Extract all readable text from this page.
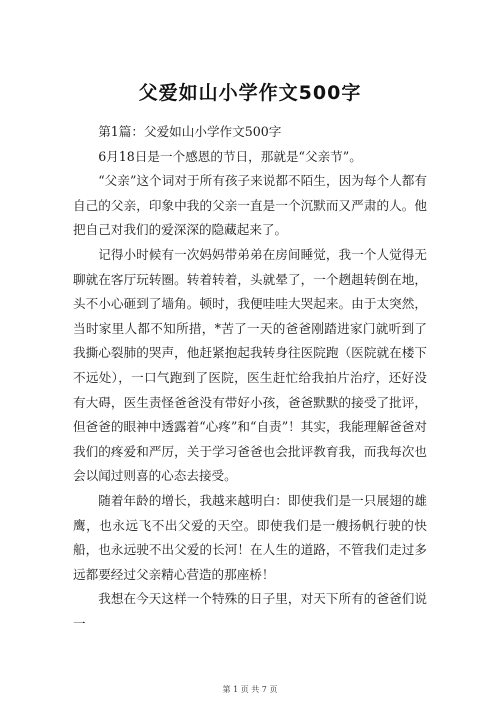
父爱如山小学作文500字

第1篇：父爱如山小学作文500字

6月18日是一个感恩的节日，那就是“父亲节”。

“父亲”这个词对于所有孩子来说都不陌生，因为每个人都有自己的父亲，印象中我的父亲一直是一个沉默而又严肃的人。他把自己对我们的爱深深的隐藏起来了。

记得小时候有一次妈妈带弟弟在房间睡觉，我一个人觉得无聊就在客厅玩转圈。转着转着，头就晕了，一个趔趄转倒在地，头不小心砸到了墙角。顿时，我便哇哇大哭起来。由于太突然，当时家里人都不知所措，*苦了一天的爸爸刚踏进家门就听到了我撕心裂肺的哭声，他赶紧抱起我转身往医院跑（医院就在楼下不远处），一口气跑到了医院，医生赶忙给我拍片治疗，还好没有大碍，医生责怪爸爸没有带好小孩，爸爸默默的接受了批评，但爸爸的眼神中透露着“心疼”和“自责”！其实，我能理解爸爸对我们的疼爱和严厉，关于学习爸爸也会批评教育我，而我每次也会以闻过则喜的心态去接受。

随着年龄的增长，我越来越明白：即使我们是一只展翅的雄鹰，也永远飞不出父爱的天空。即使我们是一艘扬帆行驶的快船，也永远驶不出父爱的长河！在人生的道路，不管我们走过多远都要经过父亲精心营造的那座桥！

我想在今天这样一个特殊的日子里，对天下所有的爸爸们说一

第 1 页 共 7 页
